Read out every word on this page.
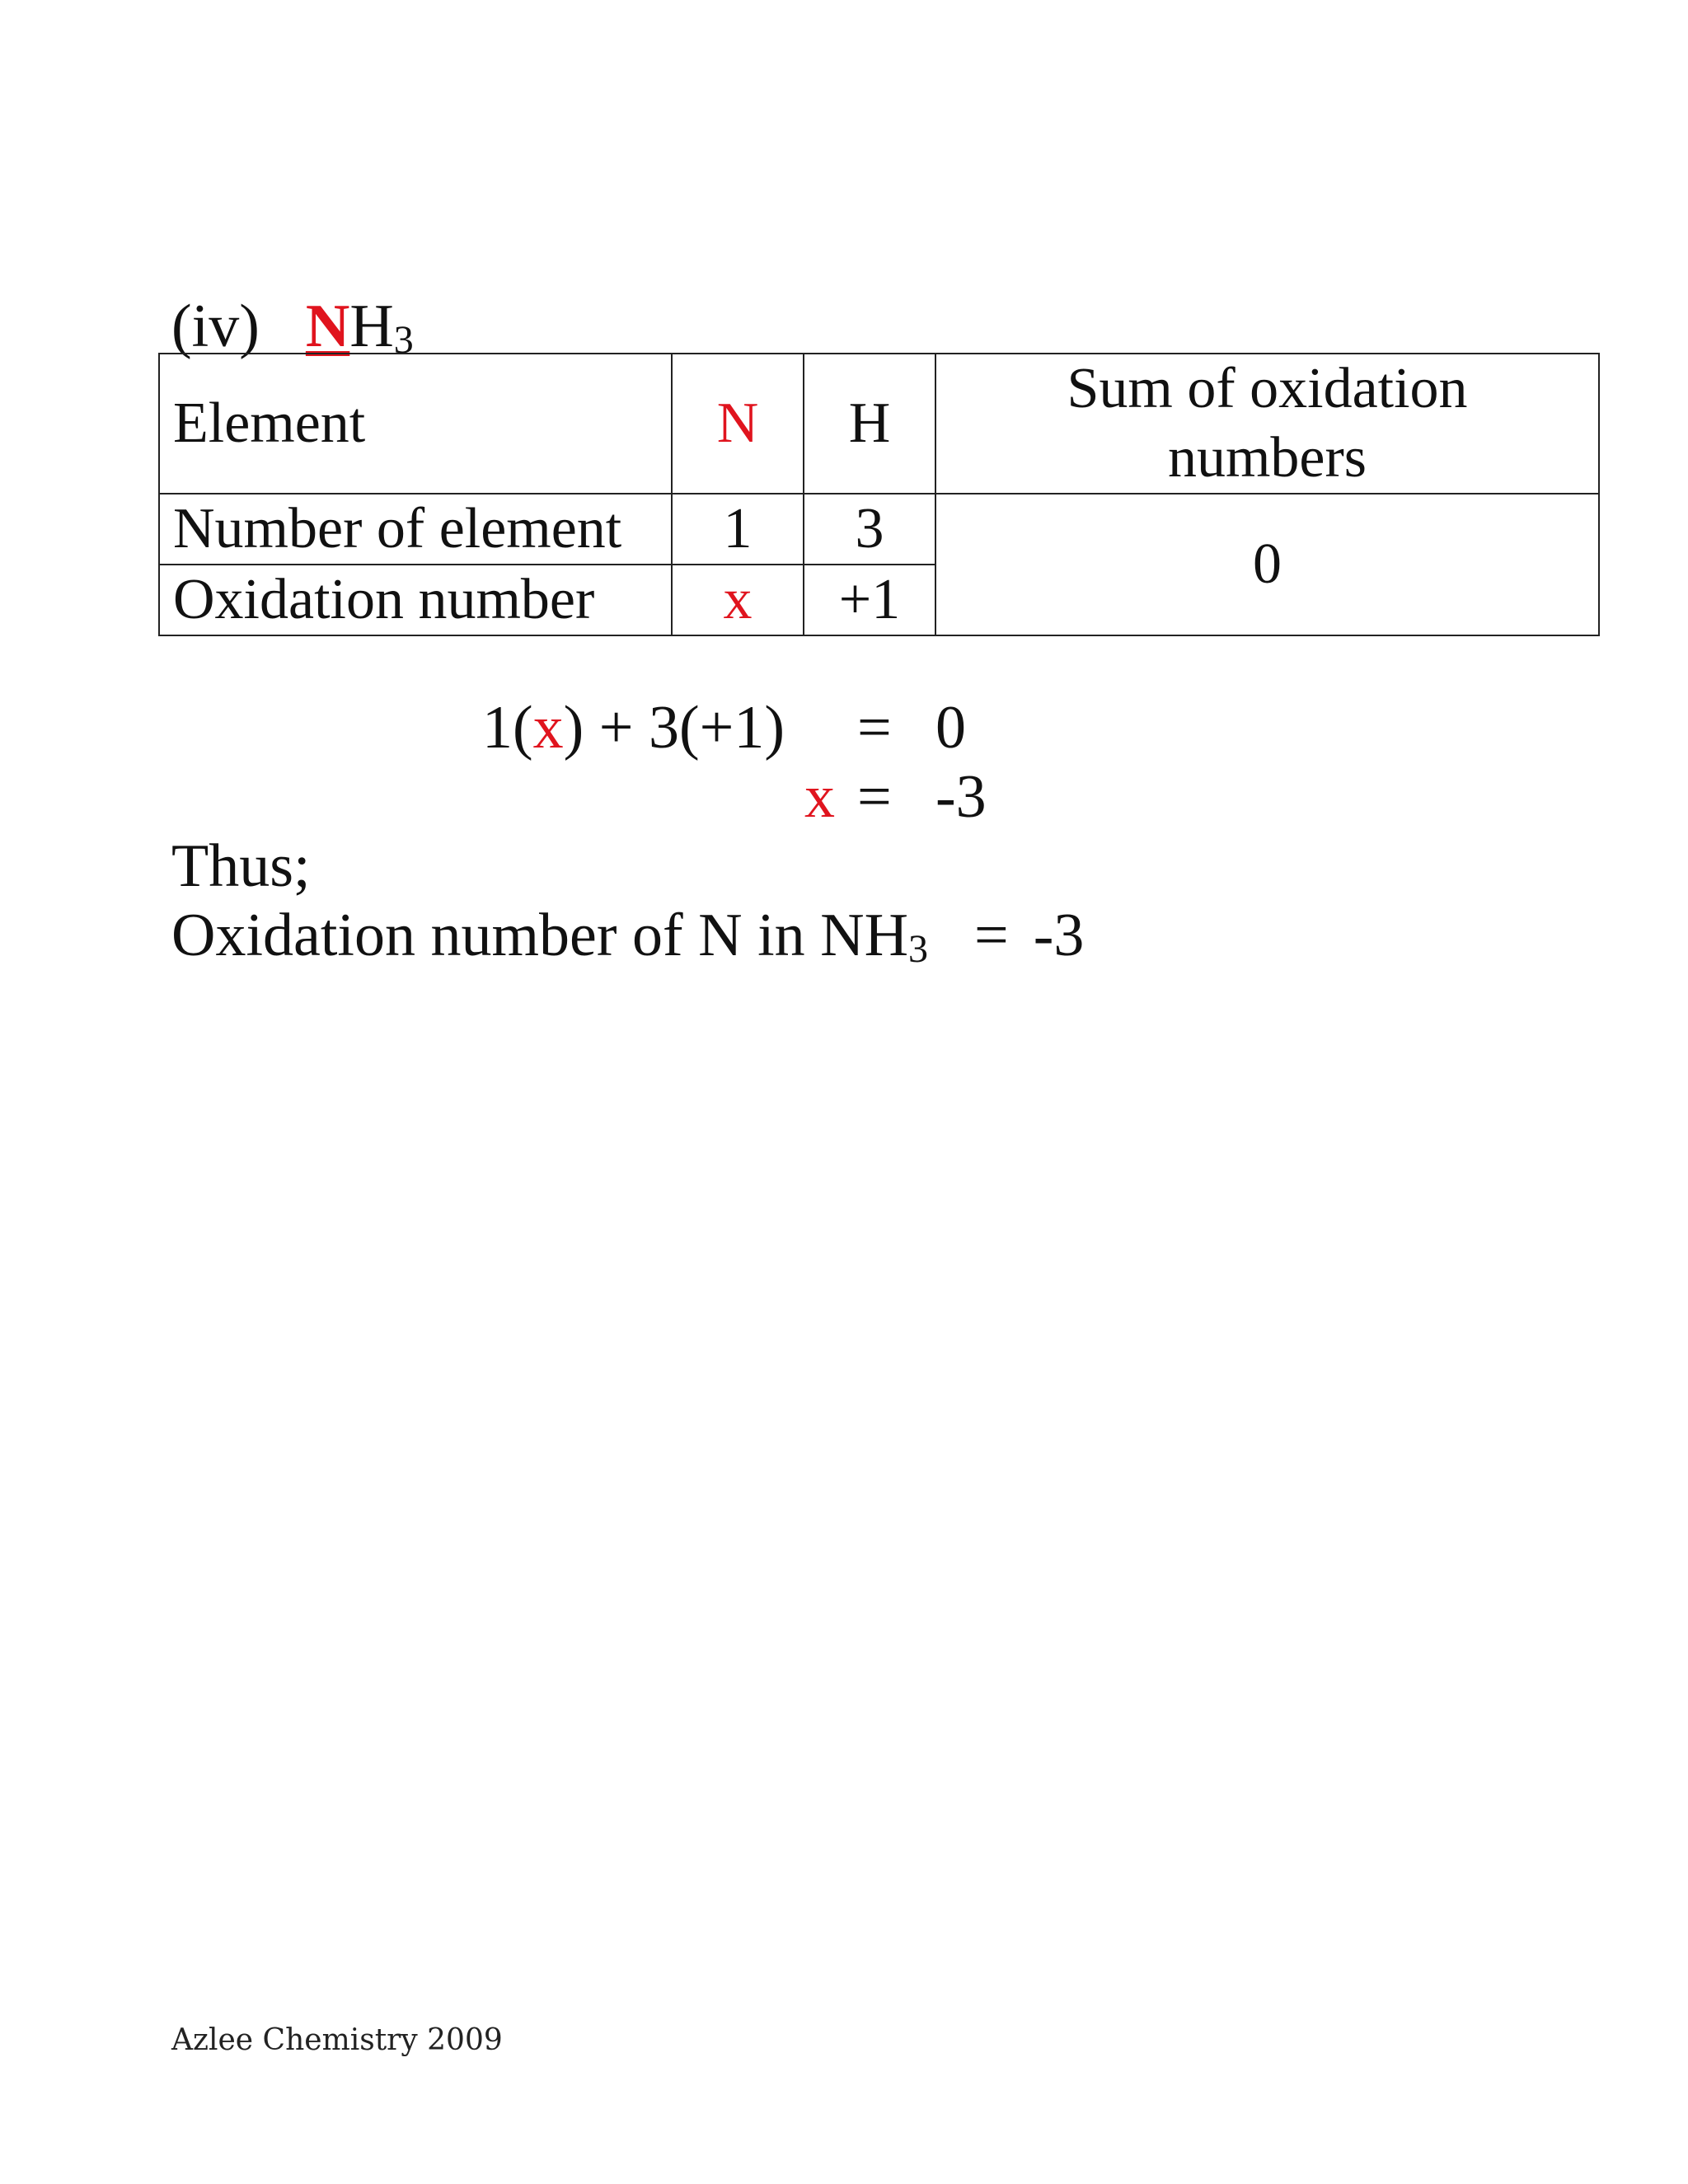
(iv) NH3
Element	N	H	Sum of oxidation
numbers
Number of element	1	3	0
Oxidation number	x	+1	
1(x) + 3(+1) = 0
x = -3
Thus;
Oxidation number of N in NH3 = -3
Azlee Chemistry 2009
